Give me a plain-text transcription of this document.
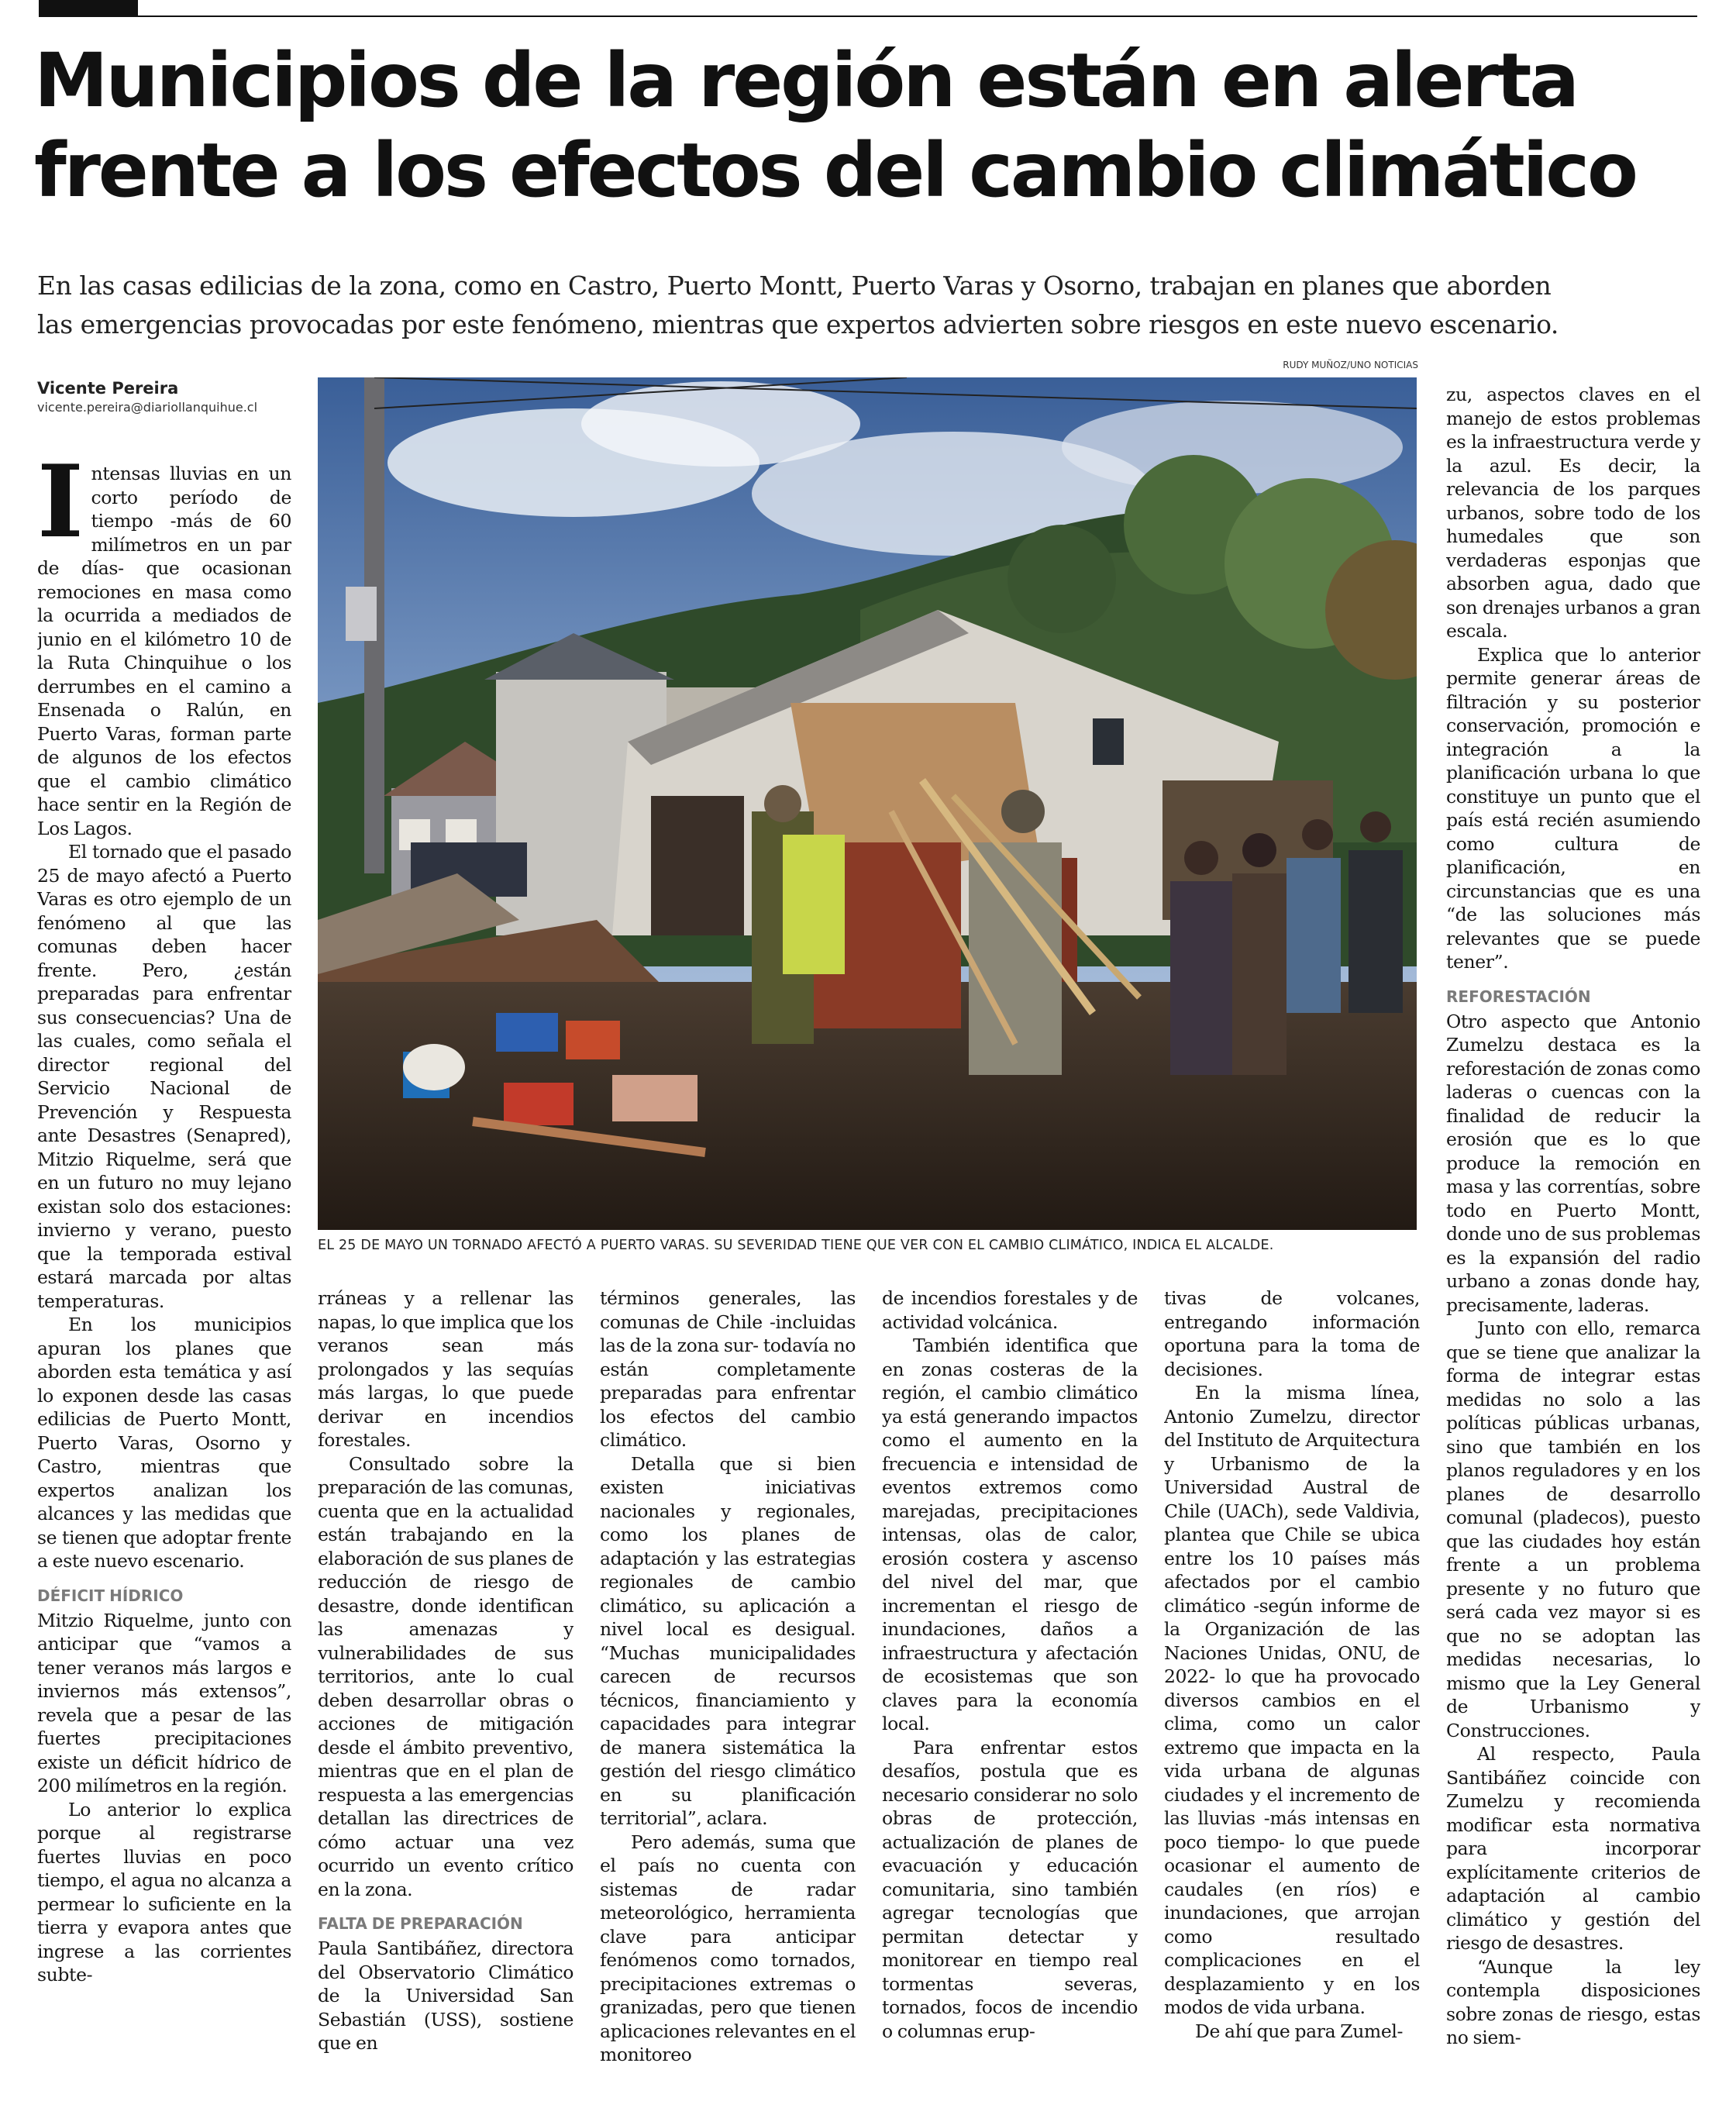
Municipios de la región están en alerta
frente a los efectos del cambio climático

En las casas edilicias de la zona, como en Castro, Puerto Montt, Puerto Varas y Osorno, trabajan en planes que aborden
las emergencias provocadas por este fenómeno, mientras que expertos advierten sobre riesgos en este nuevo escenario.

Vicente Pereira
vicente.pereira@diariollanquihue.cl
RUDY MUÑOZ/UNO NOTICIAS
EL 25 DE MAYO UN TORNADO AFECTÓ A PUERTO VARAS. SU SEVERIDAD TIENE QUE VER CON EL CAMBIO CLIMÁTICO, INDICA EL ALCALDE.

Intensas lluvias en un corto período de tiempo -más de 60 milímetros en un par de días- que ocasionan remociones en masa como la ocurrida a mediados de junio en el kilómetro 10 de la Ruta Chinquihue o los derrumbes en el camino a Ensenada o Ralún, en Puerto Varas, forman parte de algunos de los efectos que el cambio climático hace sentir en la Región de Los Lagos.

El tornado que el pasado 25 de mayo afectó a Puerto Varas es otro ejemplo de un fenómeno al que las comunas deben hacer frente. Pero, ¿están preparadas para enfrentar sus consecuencias? Una de las cuales, como señala el director regional del Servicio Nacional de Prevención y Respuesta ante Desastres (Senapred), Mitzio Riquelme, será que en un futuro no muy lejano existan solo dos estaciones: invierno y verano, puesto que la temporada estival estará marcada por altas temperaturas.

En los municipios apuran los planes que aborden esta temática y así lo exponen desde las casas edilicias de Puerto Montt, Puerto Varas, Osorno y Castro, mientras que expertos analizan los alcances y las medidas que se tienen que adoptar frente a este nuevo escenario.

DÉFICIT HÍDRICO

Mitzio Riquelme, junto con anticipar que “vamos a tener veranos más largos e inviernos más extensos”, revela que a pesar de las fuertes precipitaciones existe un déficit hídrico de 200 milímetros en la región.

Lo anterior lo explica porque al registrarse fuertes lluvias en poco tiempo, el agua no alcanza a permear lo suficiente en la tierra y evapora antes que ingrese a las corrientes subte-

rráneas y a rellenar las napas, lo que implica que los veranos sean más prolongados y las sequías más largas, lo que puede derivar en incendios forestales.

Consultado sobre la preparación de las comunas, cuenta que en la actualidad están trabajando en la elaboración de sus planes de reducción de riesgo de desastre, donde identifican las amenazas y vulnerabilidades de sus territorios, ante lo cual deben desarrollar obras o acciones de mitigación desde el ámbito preventivo, mientras que en el plan de respuesta a las emergencias detallan las directrices de cómo actuar una vez ocurrido un evento crítico en la zona.

FALTA DE PREPARACIÓN

Paula Santibáñez, directora del Observatorio Climático de la Universidad San Sebastián (USS), sostiene que en

términos generales, las comunas de Chile -incluidas las de la zona sur- todavía no están completamente preparadas para enfrentar los efectos del cambio climático.

Detalla que si bien existen iniciativas nacionales y regionales, como los planes de adaptación y las estrategias regionales de cambio climático, su aplicación a nivel local es desigual. “Muchas municipalidades carecen de recursos técnicos, financiamiento y capacidades para integrar de manera sistemática la gestión del riesgo climático en su planificación territorial”, aclara.

Pero además, suma que el país no cuenta con sistemas de radar meteorológico, herramienta clave para anticipar fenómenos como tornados, precipitaciones extremas o granizadas, pero que tienen aplicaciones relevantes en el monitoreo

de incendios forestales y de actividad volcánica.

También identifica que en zonas costeras de la región, el cambio climático ya está generando impactos como el aumento en la frecuencia e intensidad de eventos extremos como marejadas, precipitaciones intensas, olas de calor, erosión costera y ascenso del nivel del mar, que incrementan el riesgo de inundaciones, daños a infraestructura y afectación de ecosistemas que son claves para la economía local.

Para enfrentar estos desafíos, postula que es necesario considerar no solo obras de protección, actualización de planes de evacuación y educación comunitaria, sino también agregar tecnologías que permitan detectar y monitorear en tiempo real tormentas severas, tornados, focos de incendio o columnas erup-

tivas de volcanes, entregando información oportuna para la toma de decisiones.

En la misma línea, Antonio Zumelzu, director del Instituto de Arquitectura y Urbanismo de la Universidad Austral de Chile (UACh), sede Valdivia, plantea que Chile se ubica entre los 10 países más afectados por el cambio climático -según informe de la Organización de las Naciones Unidas, ONU, de 2022- lo que ha provocado diversos cambios en el clima, como un calor extremo que impacta en la vida urbana de algunas ciudades y el incremento de las lluvias -más intensas en poco tiempo- lo que puede ocasionar el aumento de caudales (en ríos) e inundaciones, que arrojan como resultado complicaciones en el desplazamiento y en los modos de vida urbana.

De ahí que para Zumel-

zu, aspectos claves en el manejo de estos problemas es la infraestructura verde y la azul. Es decir, la relevancia de los parques urbanos, sobre todo de los humedales que son verdaderas esponjas que absorben agua, dado que son drenajes urbanos a gran escala.

Explica que lo anterior permite generar áreas de filtración y su posterior conservación, promoción e integración a la planificación urbana lo que constituye un punto que el país está recién asumiendo como cultura de planificación, en circunstancias que es una “de las soluciones más relevantes que se puede tener”.

REFORESTACIÓN

Otro aspecto que Antonio Zumelzu destaca es la reforestación de zonas como laderas o cuencas con la finalidad de reducir la erosión que es lo que produce la remoción en masa y las correntías, sobre todo en Puerto Montt, donde uno de sus problemas es la expansión del radio urbano a zonas donde hay, precisamente, laderas.

Junto con ello, remarca que se tiene que analizar la forma de integrar estas medidas no solo a las políticas públicas urbanas, sino que también en los planos reguladores y en los planes de desarrollo comunal (pladecos), puesto que las ciudades hoy están frente a un problema presente y no futuro que será cada vez mayor si es que no se adoptan las medidas necesarias, lo mismo que la Ley General de Urbanismo y Construcciones.

Al respecto, Paula Santibáñez coincide con Zumelzu y recomienda modificar esta normativa para incorporar explícitamente criterios de adaptación al cambio climático y gestión del riesgo de desastres.

“Aunque la ley contempla disposiciones sobre zonas de riesgo, estas no siem-
